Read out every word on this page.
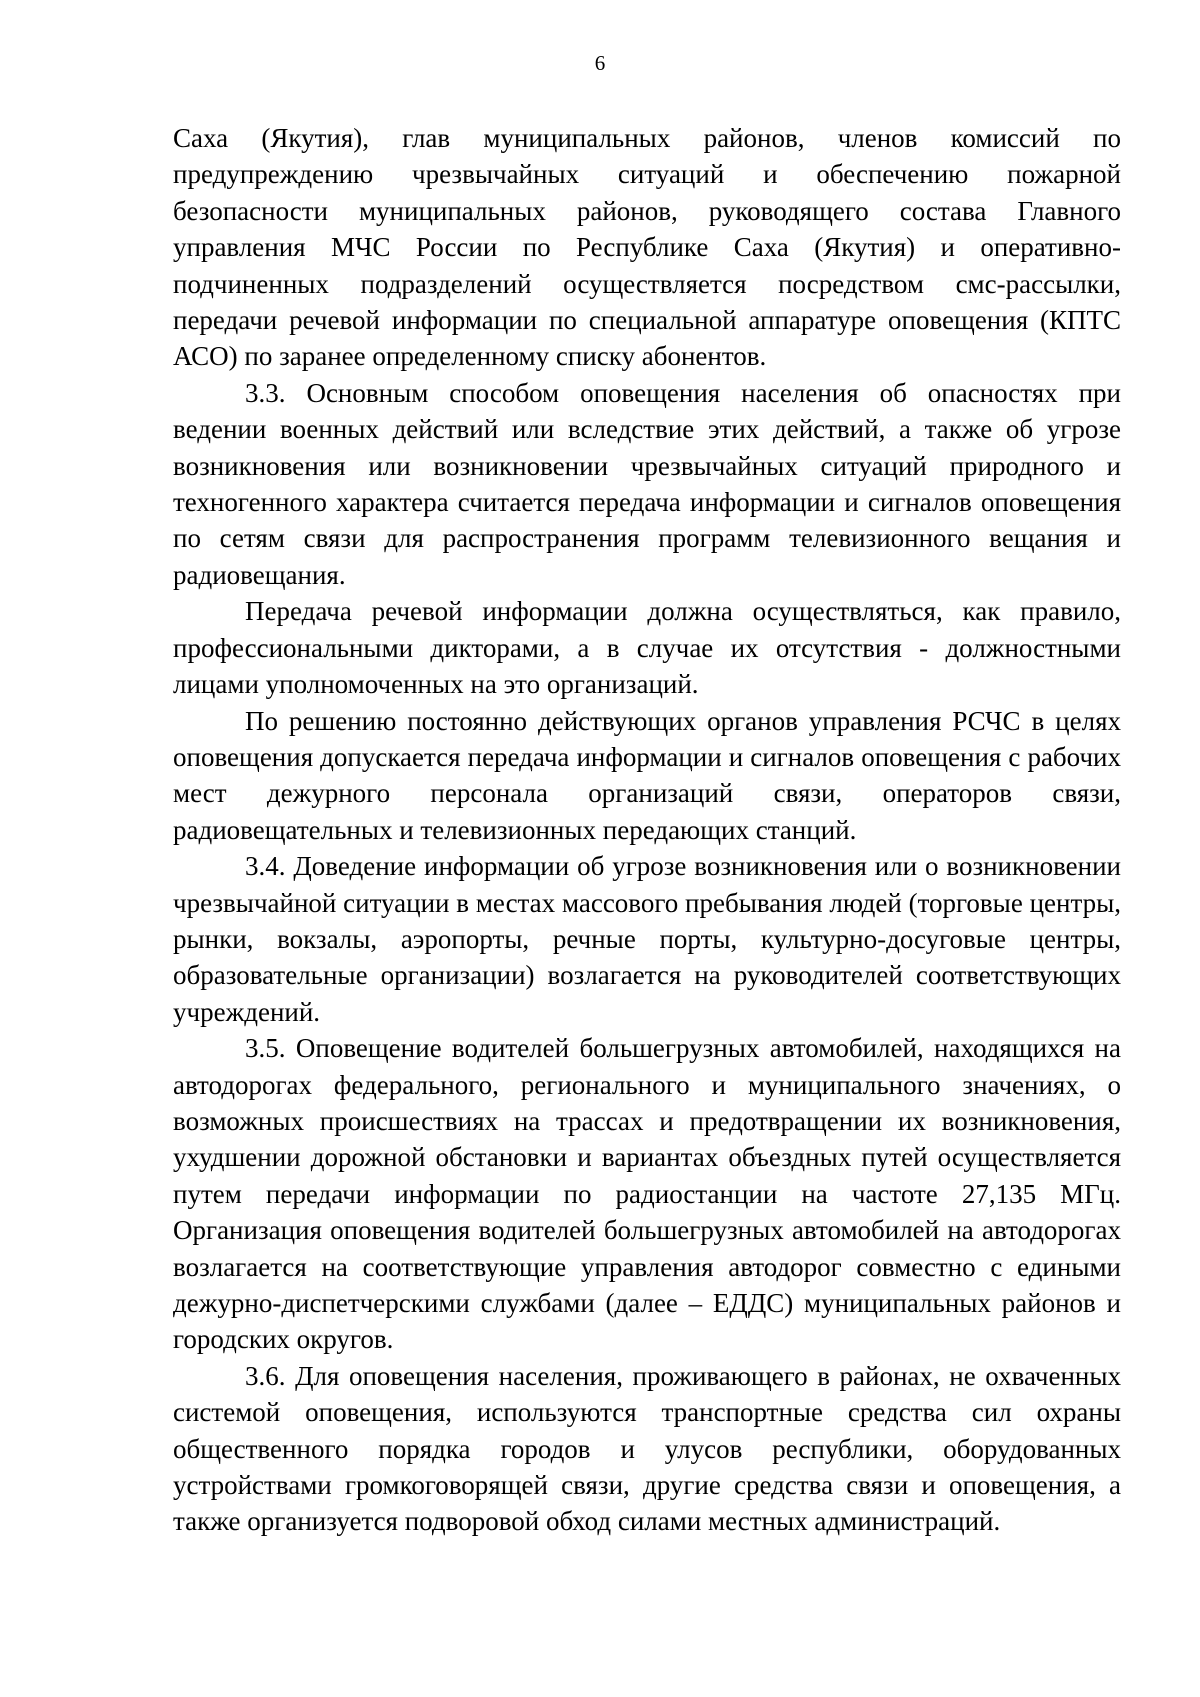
6

Саха (Якутия), глав муниципальных районов, членов комиссий по предупреждению чрезвычайных ситуаций и обеспечению пожарной безопасности муниципальных районов, руководящего состава Главного управления МЧС России по Республике Саха (Якутия) и оперативно-подчиненных подразделений осуществляется посредством смс-рассылки, передачи речевой информации по специальной аппаратуре оповещения (КПТС АСО) по заранее определенному списку абонентов.

3.3. Основным способом оповещения населения об опасностях при ведении военных действий или вследствие этих действий, а также об угрозе возникновения или возникновении чрезвычайных ситуаций природного и техногенного характера считается передача информации и сигналов оповещения по сетям связи для распространения программ телевизионного вещания и радиовещания.

Передача речевой информации должна осуществляться, как правило, профессиональными дикторами, а в случае их отсутствия - должностными лицами уполномоченных на это организаций.

По решению постоянно действующих органов управления РСЧС в целях оповещения допускается передача информации и сигналов оповещения с рабочих мест дежурного персонала организаций связи, операторов связи, радиовещательных и телевизионных передающих станций.

3.4. Доведение информации об угрозе возникновения или о возникновении чрезвычайной ситуации в местах массового пребывания людей (торговые центры, рынки, вокзалы, аэропорты, речные порты, культурно-досуговые центры, образовательные организации) возлагается на руководителей соответствующих учреждений.

3.5. Оповещение водителей большегрузных автомобилей, находящихся на автодорогах федерального, регионального и муниципального значениях, о возможных происшествиях на трассах и предотвращении их возникновения, ухудшении дорожной обстановки и вариантах объездных путей осуществляется путем передачи информации по радиостанции на частоте 27,135 МГц. Организация оповещения водителей большегрузных автомобилей на автодорогах возлагается на соответствующие управления автодорог совместно с едиными дежурно-диспетчерскими службами (далее – ЕДДС) муниципальных районов и городских округов.

3.6. Для оповещения населения, проживающего в районах, не охваченных системой оповещения, используются транспортные средства сил охраны общественного порядка городов и улусов республики, оборудованных устройствами громкоговорящей связи, другие средства связи и оповещения, а также организуется подворовой обход силами местных администраций.
